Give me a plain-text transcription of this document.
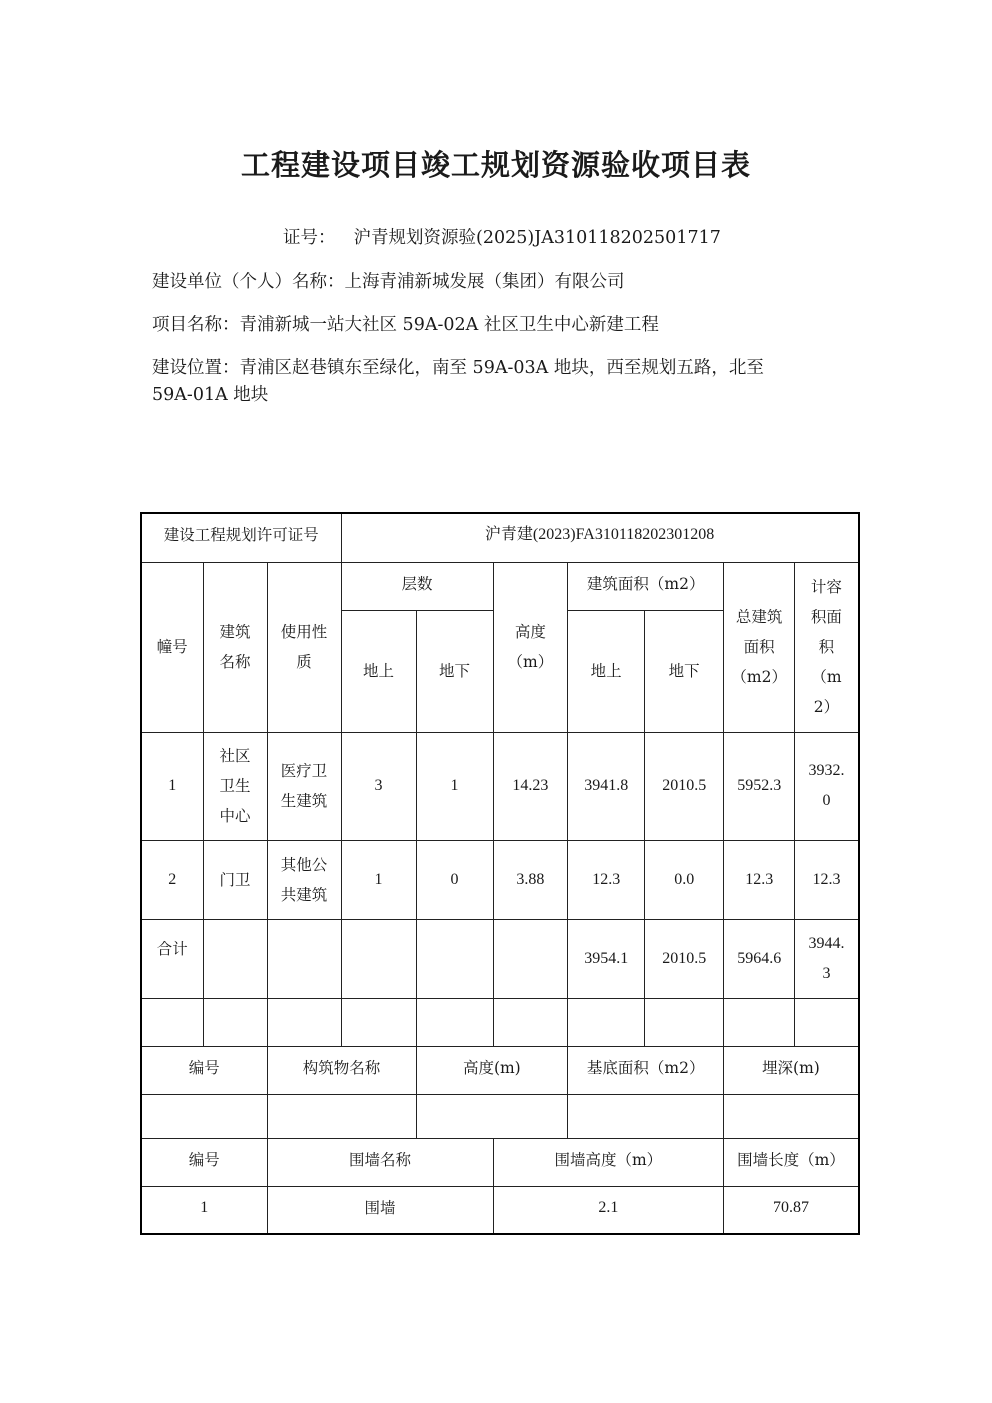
工程建设项目竣工规划资源验收项目表
证号： 沪青规划资源验(2025)JA310118202501717
建设单位（个人）名称：上海青浦新城发展（集团）有限公司
项目名称：青浦新城一站大社区 59A-02A 社区卫生中心新建工程
建设位置：青浦区赵巷镇东至绿化，南至 59A-03A 地块，西至规划五路，北至
59A-01A 地块
建设工程规划许可证号			沪青建(2023)FA310118202301208						
幢号	建筑名称	使用性质	层数		高度（m）	建筑面积（m2）		总建筑面积（m2）	计容积面积（m2）
			地上	地下		地上	地下		
1	社区卫生中心	医疗卫生建筑	3	1	14.23	3941.8	2010.5	5952.3	3932.0
2	门卫	其他公共建筑	1	0	3.88	12.3	0.0	12.3	12.3
合计						3954.1	2010.5	5964.6	3944.3

编号		构筑物名称		高度(m)		基底面积（m2）		埋深(m)	

编号		围墙名称			围墙高度（m）			围墙长度（m）	
1		围墙			2.1			70.87	
